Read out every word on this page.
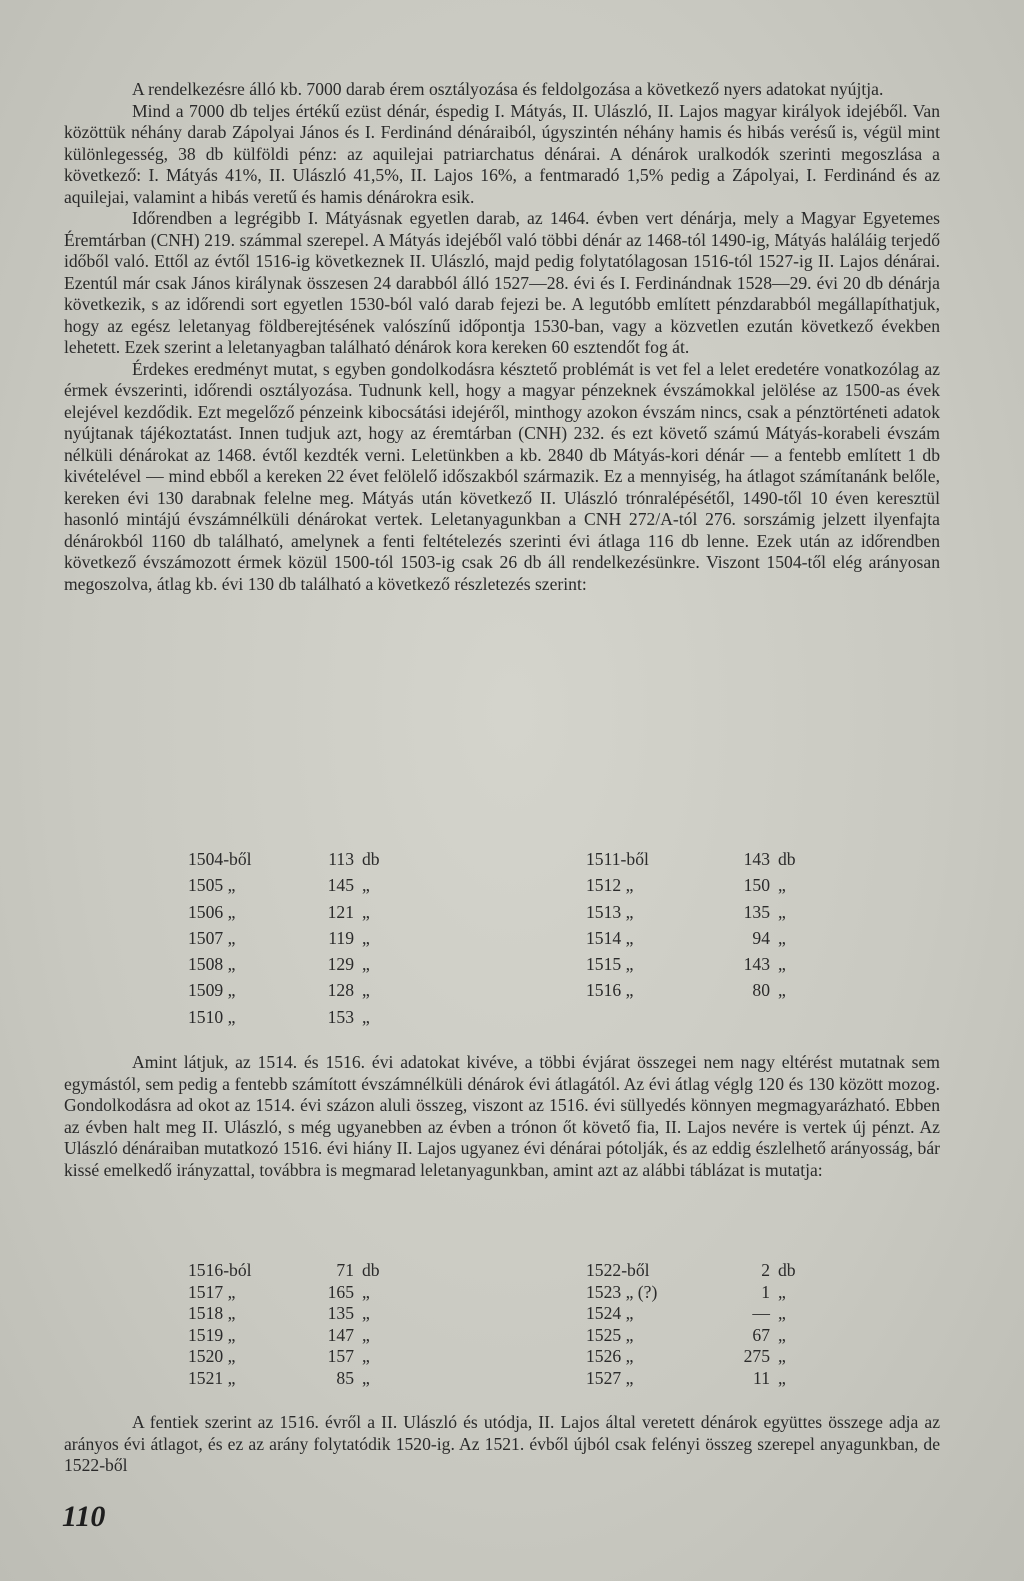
A rendelkezésre álló kb. 7000 darab érem osztályozása és feldolgozása a következő nyers adatokat nyújtja.

Mind a 7000 db teljes értékű ezüst dénár, éspedig I. Mátyás, II. Ulászló, II. Lajos magyar királyok idejéből. Van közöttük néhány darab Zápolyai János és I. Ferdinánd dénáraiból, úgyszintén néhány hamis és hibás verésű is, végül mint különlegesség, 38 db külföldi pénz: az aquilejai patriarchatus dénárai. A dénárok uralkodók szerinti megoszlása a következő: I. Mátyás 41%, II. Ulászló 41,5%, II. Lajos 16%, a fentmaradó 1,5% pedig a Zápolyai, I. Ferdinánd és az aquilejai, valamint a hibás veretű és hamis dénárokra esik.

Időrendben a legrégibb I. Mátyásnak egyetlen darab, az 1464. évben vert dénárja, mely a Magyar Egyetemes Éremtárban (CNH) 219. számmal szerepel. A Mátyás idejéből való többi dénár az 1468-tól 1490-ig, Mátyás haláláig terjedő időből való. Ettől az évtől 1516-ig következnek II. Ulászló, majd pedig folytatólagosan 1516-tól 1527-ig II. Lajos dénárai. Ezentúl már csak János királynak összesen 24 darabból álló 1527—28. évi és I. Ferdinándnak 1528—29. évi 20 db dénárja következik, s az időrendi sort egyetlen 1530-ból való darab fejezi be. A legutóbb említett pénzdarabból megállapíthatjuk, hogy az egész leletanyag földberejtésének valószínű időpontja 1530-ban, vagy a közvetlen ezután következő években lehetett. Ezek szerint a leletanyagban található dénárok kora kereken 60 esztendőt fog át.

Érdekes eredményt mutat, s egyben gondolkodásra késztető problémát is vet fel a lelet eredetére vonatkozólag az érmek évszerinti, időrendi osztályozása. Tudnunk kell, hogy a magyar pénzeknek évszámokkal jelölése az 1500-as évek elejével kezdődik. Ezt megelőző pénzeink kibocsátási idejéről, minthogy azokon évszám nincs, csak a pénztörténeti adatok nyújtanak tájékoztatást. Innen tudjuk azt, hogy az éremtárban (CNH) 232. és ezt követő számú Mátyás-korabeli évszám nélküli dénárokat az 1468. évtől kezdték verni. Leletünkben a kb. 2840 db Mátyás-kori dénár — a fentebb említett 1 db kivételével — mind ebből a kereken 22 évet felölelő időszakból származik. Ez a mennyiség, ha átlagot számítanánk belőle, kereken évi 130 darabnak felelne meg. Mátyás után következő II. Ulászló trónralépésétől, 1490-től 10 éven keresztül hasonló mintájú évszámnélküli dénárokat vertek. Leletanyagunkban a CNH 272/A-tól 276. sorszámig jelzett ilyenfajta dénárokból 1160 db található, amelynek a fenti feltételezés szerinti évi átlaga 116 db lenne. Ezek után az időrendben következő évszámozott érmek közül 1500-tól 1503-ig csak 26 db áll rendelkezésünkre. Viszont 1504-től elég arányosan megoszolva, átlag kb. évi 130 db található a következő részletezés szerint:

1504-ből	113	db	1511-ből	143	db
1505 „	145	„	1512 „	150	„
1506 „	121	„	1513 „	135	„
1507 „	119	„	1514 „	94	„
1508 „	129	„	1515 „	143	„
1509 „	128	„	1516 „	80	„
1510 „	153	„			

Amint látjuk, az 1514. és 1516. évi adatokat kivéve, a többi évjárat összegei nem nagy eltérést mutatnak sem egymástól, sem pedig a fentebb számított évszámnélküli dénárok évi átlagától. Az évi átlag véglg 120 és 130 között mozog. Gondolkodásra ad okot az 1514. évi százon aluli összeg, viszont az 1516. évi süllyedés könnyen megmagyarázható. Ebben az évben halt meg II. Ulászló, s még ugyanebben az évben a trónon őt követő fia, II. Lajos nevére is vertek új pénzt. Az Ulászló dénáraiban mutatkozó 1516. évi hiány II. Lajos ugyanez évi dénárai pótolják, és az eddig észlelhető arányosság, bár kissé emelkedő irányzattal, továbbra is megmarad leletanyagunkban, amint azt az alábbi táblázat is mutatja:

1516-ból	71	db	1522-ből	2	db
1517 „	165	„	1523 „ (?)	1	„
1518 „	135	„	1524 „	—	„
1519 „	147	„	1525 „	67	„
1520 „	157	„	1526 „	275	„
1521 „	85	„	1527 „	11	„

A fentiek szerint az 1516. évről a II. Ulászló és utódja, II. Lajos által veretett dénárok együttes összege adja az arányos évi átlagot, és ez az arány folytatódik 1520-ig. Az 1521. évből újból csak felényi összeg szerepel anyagunkban, de 1522-ből

110
